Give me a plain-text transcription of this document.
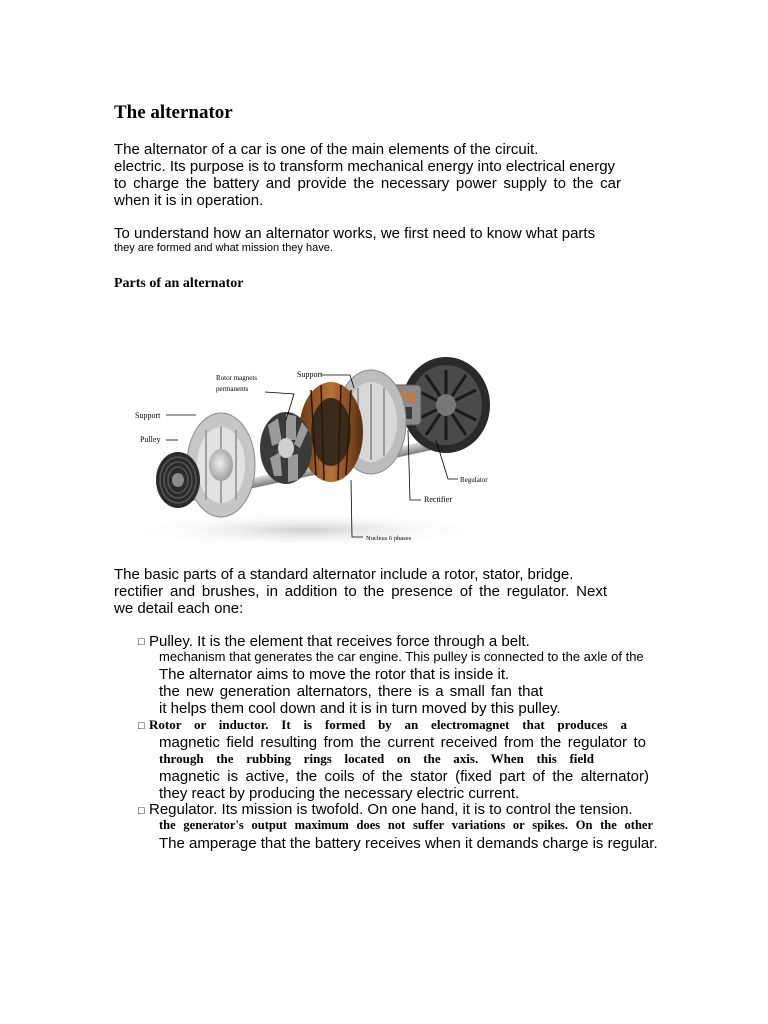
The alternator
The alternator of a car is one of the main elements of the circuit.
electric. Its purpose is to transform mechanical energy into electrical energy
to charge the battery and provide the necessary power supply to the car
when it is in operation.
To understand how an alternator works, we first need to know what parts
they are formed and what mission they have.
Parts of an alternator
Support
Rotor magnets
permanents
Support
Pulley
Regulator
Rectifier
Nucleus 6 phases
The basic parts of a standard alternator include a rotor, stator, bridge.
rectifier and brushes, in addition to the presence of the regulator. Next
we detail each one:
□ Pulley. It is the element that receives force through a belt.
mechanism that generates the car engine. This pulley is connected to the axle of the
The alternator aims to move the rotor that is inside it.
the new generation alternators, there is a small fan that
it helps them cool down and it is in turn moved by this pulley.
□ Rotor or inductor. It is formed by an electromagnet that produces a
magnetic field resulting from the current received from the regulator to
through the rubbing rings located on the axis. When this field
magnetic is active, the coils of the stator (fixed part of the alternator)
they react by producing the necessary electric current.
□ Regulator. Its mission is twofold. On one hand, it is to control the tension.
the generator's output maximum does not suffer variations or spikes. On the other
The amperage that the battery receives when it demands charge is regular.
